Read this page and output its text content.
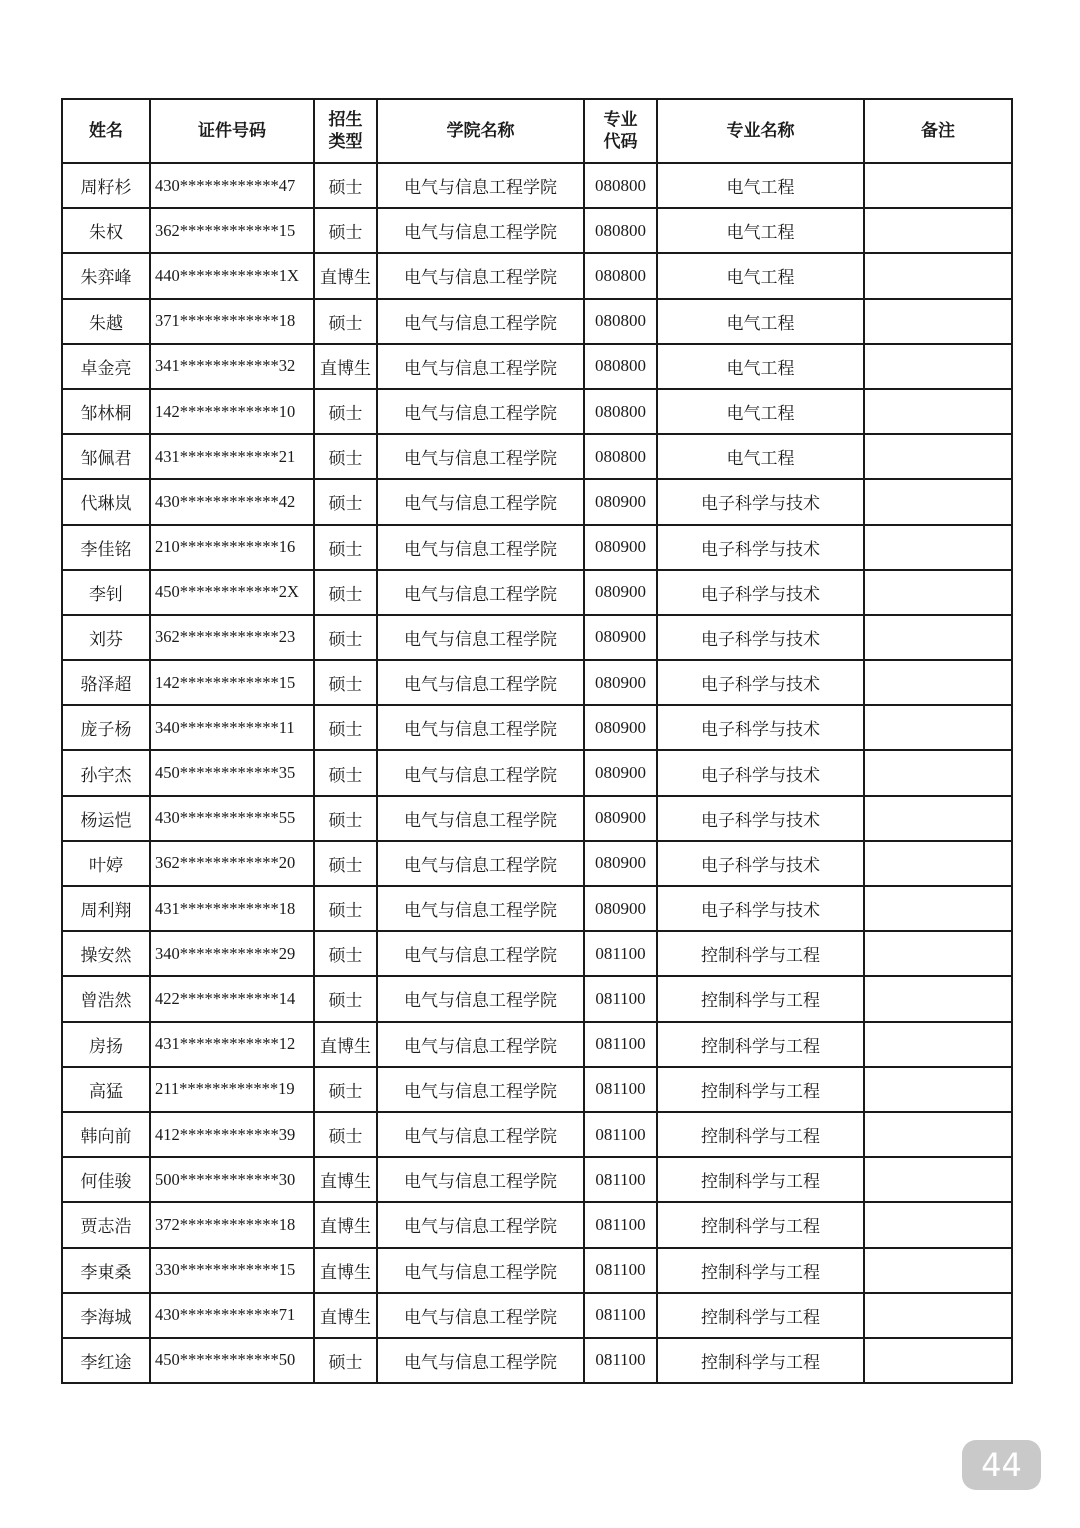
姓名	证件号码	招生类型	学院名称	专业代码	专业名称	备注
周籽杉	430************47	硕士	电气与信息工程学院	080800	电气工程	
朱权	362************15	硕士	电气与信息工程学院	080800	电气工程	
朱弈峰	440************1X	直博生	电气与信息工程学院	080800	电气工程	
朱越	371************18	硕士	电气与信息工程学院	080800	电气工程	
卓金亮	341************32	直博生	电气与信息工程学院	080800	电气工程	
邹林桐	142************10	硕士	电气与信息工程学院	080800	电气工程	
邹佩君	431************21	硕士	电气与信息工程学院	080800	电气工程	
代琳岚	430************42	硕士	电气与信息工程学院	080900	电子科学与技术	
李佳铭	210************16	硕士	电气与信息工程学院	080900	电子科学与技术	
李钊	450************2X	硕士	电气与信息工程学院	080900	电子科学与技术	
刘芬	362************23	硕士	电气与信息工程学院	080900	电子科学与技术	
骆泽超	142************15	硕士	电气与信息工程学院	080900	电子科学与技术	
庞子杨	340************11	硕士	电气与信息工程学院	080900	电子科学与技术	
孙宇杰	450************35	硕士	电气与信息工程学院	080900	电子科学与技术	
杨运恺	430************55	硕士	电气与信息工程学院	080900	电子科学与技术	
叶婷	362************20	硕士	电气与信息工程学院	080900	电子科学与技术	
周利翔	431************18	硕士	电气与信息工程学院	080900	电子科学与技术	
操安然	340************29	硕士	电气与信息工程学院	081100	控制科学与工程	
曾浩然	422************14	硕士	电气与信息工程学院	081100	控制科学与工程	
房扬	431************12	直博生	电气与信息工程学院	081100	控制科学与工程	
高猛	211************19	硕士	电气与信息工程学院	081100	控制科学与工程	
韩向前	412************39	硕士	电气与信息工程学院	081100	控制科学与工程	
何佳骏	500************30	直博生	电气与信息工程学院	081100	控制科学与工程	
贾志浩	372************18	直博生	电气与信息工程学院	081100	控制科学与工程	
李東桑	330************15	直博生	电气与信息工程学院	081100	控制科学与工程	
李海城	430************71	直博生	电气与信息工程学院	081100	控制科学与工程	
李红途	450************50	硕士	电气与信息工程学院	081100	控制科学与工程	
44
